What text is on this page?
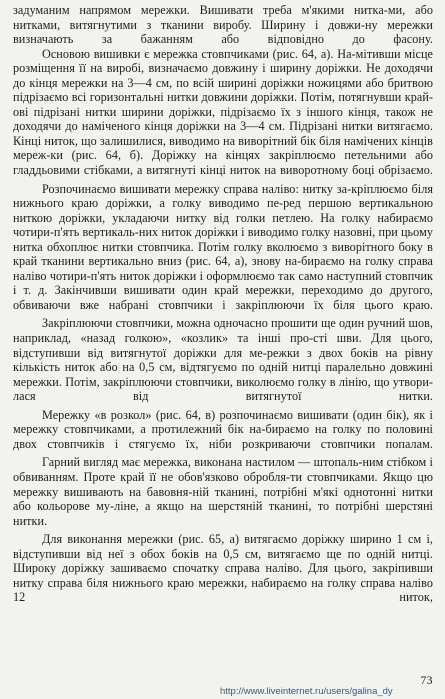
задуманим напрямом мережки. Вишивати треба м'якими нитка-ми, або нитками, витягнутими з тканини виробу. Ширину і довжи-ну мережки визначають за бажанням або відповідно до фасону.

Основою вишивки є мережка стовпчиками (рис. 64, а). На-мітивши місце розміщення її на виробі, визначаємо довжину і ширину доріжки. Не доходячи до кінця мережки на 3—4 см, по всій ширині доріжки ножицями або бритвою підрізаємо всі горизонтальні нитки довжини доріжки. Потім, потягнувши край-ові підрізані нитки ширини доріжки, підрізаємо їх з іншого кінця, також не доходячи до наміченого кінця доріжки на 3—4 см. Підрізані нитки витягаємо. Кінці ниток, що залишилися, виводимо на виворітний бік біля намічених кінців мереж-ки (рис. 64, б). Доріжку на кінцях закріплюємо петельними або гладдьовими стібками, а витягнуті кінці ниток на виворотному боці обрізаємо.

Розпочинаємо вишивати мережку справа наліво: нитку за-кріплюємо біля нижнього краю доріжки, а голку виводимо пе-ред першою вертикальною ниткою доріжки, укладаючи нитку від голки петлею. На голку набираємо чотири-п'ять вертикаль-них ниток доріжки і виводимо голку назовні, при цьому нитка обхоплює нитки стовпчика. Потім голку вколюємо з виворітного боку в край тканини вертикально вниз (рис. 64, а), знову на-бираємо на голку справа наліво чотири-п'ять ниток доріжки і оформлюємо так само наступний стовпчик і т. д. Закінчивши вишивати один край мережки, переходимо до другого, обвиваючи вже набрані стовпчики і закріплюючи їх біля цього краю.

Закріплюючи стовпчики, можна одночасно прошити ще один ручний шов, наприклад, «назад голкою», «козлик» та інші про-сті шви. Для цього, відступивши від витягнутої доріжки для ме-режки з двох боків на рівну кількість ниток або на 0,5 см, відтягуємо по одній нитці паралельно довжині мережки. Потім, закріплюючи стовпчики, виколюємо голку в лінію, що утвори-лася від витягнутої нитки.

Мережку «в розкол» (рис. 64, в) розпочинаємо вишивати (один бік), як і мережку стовпчиками, а протилежний бік на-бираємо на голку по половині двох стовпчиків і стягуємо їх, ніби розкриваючи стовпчики попалам.

Гарний вигляд має мережка, виконана настилом — штопаль-ним стібком і обвиванням. Проте край її не обов'язково обробля-ти стовпчиками. Якщо цю мережку вишивають на бавовня-ній тканині, потрібні м'які однотонні нитки або кольорове му-ліне, а якщо на шерстяній тканині, то потрібні шерстяні нитки.

Для виконання мережки (рис. 65, а) витягаємо доріжку ширино 1 см і, відступивши від неї з обох боків на 0,5 см, витягаємо ще по одній нитці. Широку доріжку зашиваємо спочатку справа наліво. Для цього, закріпивши нитку справа біля нижнього краю мережки, набираємо на голку справа наліво 12 ниток,

73
http://www.liveinternet.ru/users/galina_dy
